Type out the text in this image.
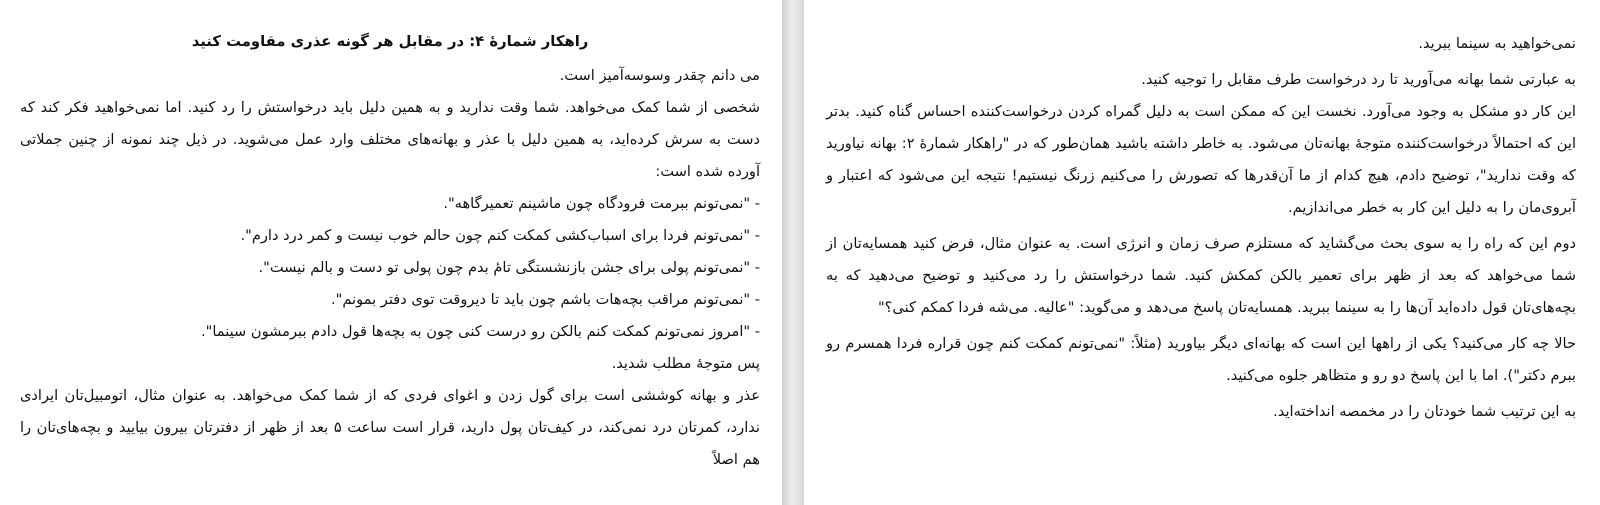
راهکار شمارهٔ ۴: در مقابل هر گونه عذری مقاومت کنید

می دانم چقدر وسوسه‌آمیز است.

شخصی از شما کمک می‌خواهد. شما وقت ندارید و به همین دلیل باید درخواستش را رد کنید. اما نمی‌خواهید فکر کند که دست به سرش کرده‌اید، به همین دلیل با عذر و بهانه‌های مختلف وارد عمل می‌شوید. در ذیل چند نمونه از چنین جملاتی آورده شده است:

- "نمی‌تونم ببرمت فرودگاه چون ماشینم تعمیرگاهه".

- "نمی‌تونم فردا برای اسباب‌کشی کمکت کنم چون حالم خوب نیست و کمر درد دارم".

- "نمی‌تونم پولی برای جشن بازنشستگی تامٔ بدم چون پولی تو دست و بالم نیست".

- "نمی‌تونم مراقب بچه‌هات باشم چون باید تا دیروقت توی دفتر بمونم".

- "امروز نمی‌تونم کمکت کنم بالکن رو درست کنی چون به بچه‌ها قول دادم ببرمشون سینما".

پس متوجهٔ مطلب شدید.

عذر و بهانه کوششی است برای گول زدن و اغوای فردی که از شما کمک می‌خواهد. به عنوان مثال، اتومبیل‌تان ایرادی ندارد، کمرتان درد نمی‌کند، در کیف‌تان پول دارید، قرار است ساعت ۵ بعد از ظهر از دفترتان بیرون بیایید و بچه‌های‌تان را هم اصلاً

نمی‌خواهید به سینما ببرید.

به عبارتی شما بهانه می‌آورید تا رد درخواست طرف مقابل را توجیه کنید.

این کار دو مشکل به وجود می‌آورد. نخست این که ممکن است به دلیل گمراه کردن درخواست‌کننده احساس گناه کنید. بدتر این که احتمالاً درخواست‌کننده متوجهٔ بهانه‌تان می‌شود. به خاطر داشته باشید همان‌طور که در "راهکار شمارهٔ ۲: بهانه نیاورید که وقت ندارید"، توضیح دادم، هیچ کدام از ما آن‌قدرها که تصورش را می‌کنیم زرنگ نیستیم! نتیجه این می‌شود که اعتبار و آبروی‌مان را به دلیل این کار به خطر می‌اندازیم.

دوم این که راه را به سوی بحث می‌گشاید که مستلزم صرف زمان و انرژی است. به عنوان مثال، فرض کنید همسایه‌تان از شما می‌خواهد که بعد از ظهر برای تعمیر بالکن کمکش کنید. شما درخواستش را رد می‌کنید و توضیح می‌دهید که به بچه‌های‌تان قول داده‌اید آن‌ها را به سینما ببرید. همسایه‌تان پاسخ می‌دهد و می‌گوید: "عالیه. می‌شه فردا کمکم کنی؟"

حالا چه کار می‌کنید؟ یکی از راهها این است که بهانه‌ای دیگر بیاورید (مثلاً: "نمی‌تونم کمکت کنم چون قراره فردا همسرم رو ببرم دکتر"). اما با این پاسخ دو رو و متظاهر جلوه می‌کنید.

به این ترتیب شما خودتان را در مخمصه انداخته‌اید.
